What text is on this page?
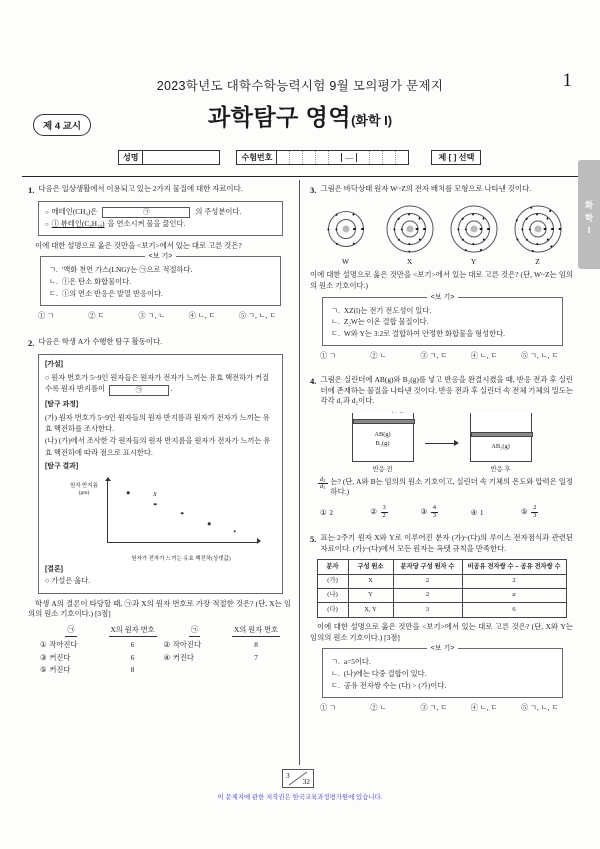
2023학년도 대학수학능력시험 9월 모의평가 문제지	1
제 4 교시	과학탐구 영역(화학 I)
성명	수험번호	—	제 [ ] 선택
화
학
I
1. 다음은 일상생활에서 이용되고 있는 2가지 물질에 대한 자료이다.
○ 메테인(CH₄)은	㉠	의 주성분이다.
○ ⓛ 뷰테인(C₄H₁₀) 을 연소시켜 물을 끓인다.
이에 대한 설명으로 옳은 것만을 <보기>에서 있는 대로 고른 것은?
<보 기>
ㄱ. '액화 천연 가스(LNG)'는 ㉠으로 적절하다.
ㄴ. ⓛ은 탄소 화합물이다.
ㄷ. ⓛ의 연소 반응은 발열 반응이다.
① ㄱ	② ㄷ	③ ㄱ, ㄴ	④ ㄴ, ㄷ	⑤ ㄱ, ㄴ, ㄷ
2. 다음은 학생 A가 수행한 탐구 활동이다.
[가설]
○ 원자 번호가 5~9인 원자들은 원자가 전자가 느끼는 유효 핵전하가 커질수록 원자 반지름이	㉠	.
[탐구 과정]
(가) 원자 번호가 5~9인 원자들의 원자 반지름과 원자가 전자가 느끼는 유효 핵전하를 조사한다.
(나) (가)에서 조사한 각 원자들의 원자 반지름을 원자가 전자가 느끼는 유효 핵전하에 따라 점으로 표시한다.
[탐구 결과]
원자 반지름 (pm)	X
원자가 전자가 느끼는 유효 핵전하(상댓값)
[결론]
○ 가설은 옳다.
학생 A의 결론이 타당할 때, ㉠과 X의 원자 번호로 가장 적절한 것은? (단, X는 임의의 원소 기호이다.) [3점]
㉠	X의 원자 번호	㉠	X의 원자 번호
① 작아진다	6	② 작아진다	8
③ 커진다	6	④ 커진다	7
⑤ 커진다	8
3. 그림은 바닥상태 원자 W~Z의 전자 배치를 모형으로 나타낸 것이다.
W	X	Y	Z
이에 대한 설명으로 옳은 것만을 <보기>에서 있는 대로 고른 것은? (단, W~Z는 임의의 원소 기호이다.)
<보 기>
ㄱ. XZ(l)는 전기 전도성이 있다.
ㄴ. Z₂W는 이온 결합 물질이다.
ㄷ. W와 Y는 3:2로 결합하여 안정한 화합물을 형성한다.
① ㄱ	② ㄴ	③ ㄱ, ㄷ	④ ㄴ, ㄷ	⑤ ㄱ, ㄴ, ㄷ
4. 그림은 실린더에 AB(g)와 B₂(g)를 넣고 반응을 완결시켰을 때, 반응 전과 후 실린더에 존재하는 물질을 나타낸 것이다. 반응 전과 후 실린더 속 전체 기체의 밀도는 각각 d₁과 d₂이다.
AB(g)
B₂(g)
반응 전
AB₂(g)
반응 후
$\frac{d_2}{d_1}$ 는? (단, A와 B는 임의의 원소 기호이고, 실린더 속 기체의 온도와 압력은 일정하다.)
① 2	② $\frac{3}{2}$	③ $\frac{4}{3}$	④ 1	⑤ $\frac{2}{3}$
5. 표는 2주기 원자 X와 Y로 이루어진 분자 (가)~(다)의 루이스 전자점식과 관련된 자료이다. (가)~(다)에서 모든 원자는 옥텟 규칙을 만족한다.
분자	구성 원소	분자당 구성 원자 수	비공유 전자쌍 수 – 공유 전자쌍 수
(가)	X	2	2
(나)	Y	2	a
(다)	X, Y	3	6
이에 대한 설명으로 옳은 것만을 <보기>에서 있는 대로 고른 것은? (단, X와 Y는 임의의 원소 기호이다.) [3점]
<보 기>
ㄱ. a=5이다.
ㄴ. (나)에는 다중 결합이 있다.
ㄷ. 공유 전자쌍 수는 (다) > (가)이다.
① ㄱ	② ㄴ	③ ㄱ, ㄷ	④ ㄴ, ㄷ	⑤ ㄱ, ㄴ, ㄷ
3
32
이 문제지에 관한 저작권은 한국교육과정평가원에 있습니다.
